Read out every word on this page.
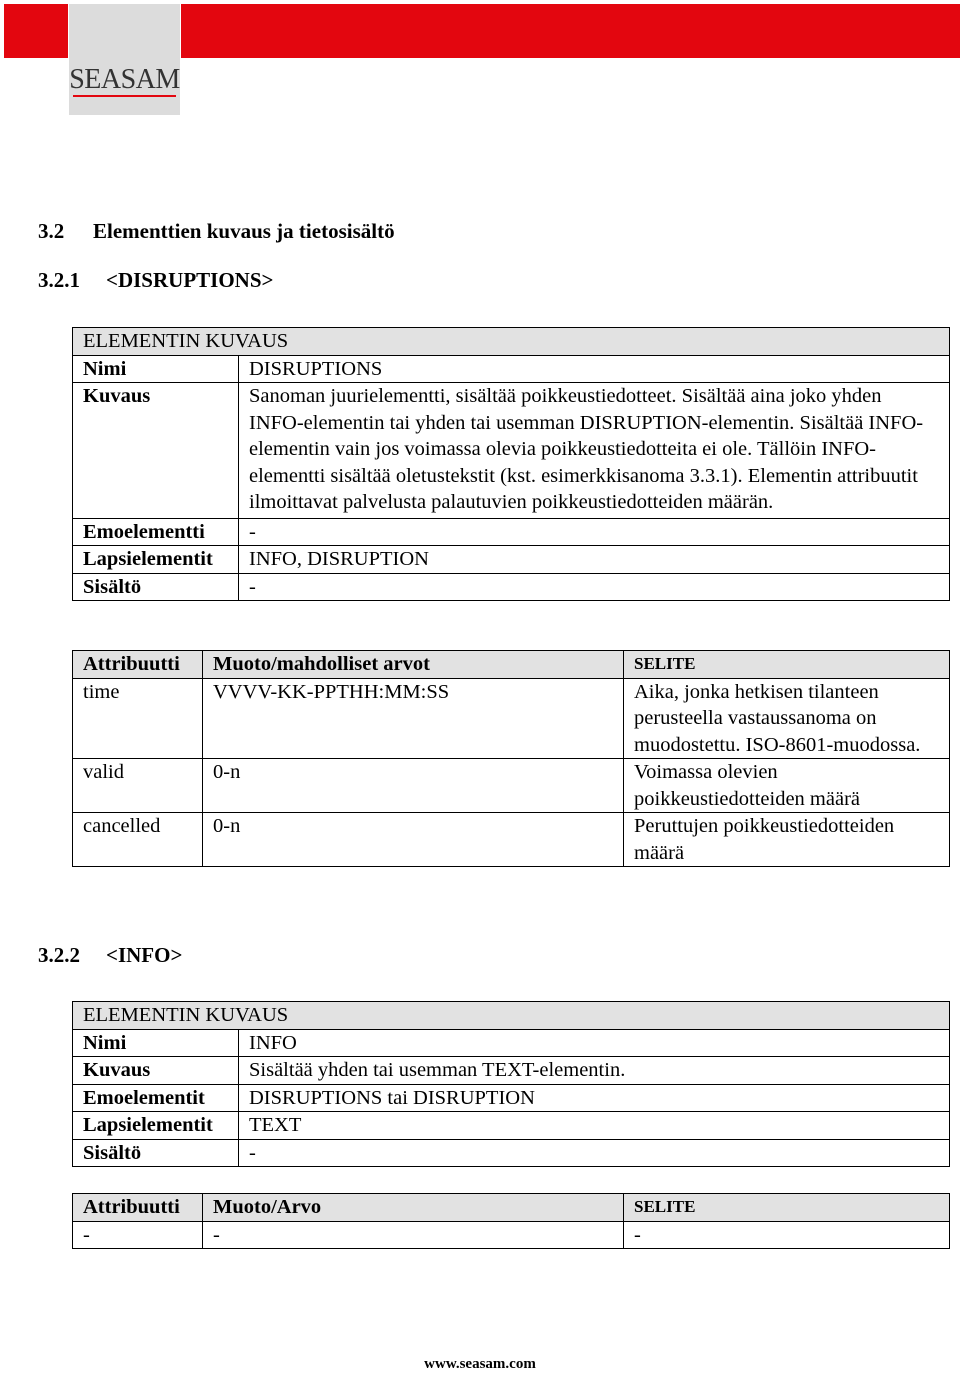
SEASAM
3.2 Elementtien kuvaus ja tietosisältö
3.2.1 <DISRUPTIONS>
ELEMENTIN KUVAUS	
Nimi	DISRUPTIONS
Kuvaus	Sanoman juurielementti, sisältää poikkeustiedotteet. Sisältää aina joko yhden INFO-elementin tai yhden tai usemman DISRUPTION-elementin. Sisältää INFO-elementin vain jos voimassa olevia poikkeustiedotteita ei ole. Tällöin INFO-elementti sisältää oletustekstit (kst. esimerkkisanoma 3.3.1). Elementin attribuutit ilmoittavat palvelusta palautuvien poikkeustiedotteiden määrän.
Emoelementti	-
Lapsielementit	INFO, DISRUPTION
Sisältö	-
Attribuutti	Muoto/mahdolliset arvot	SELITE
time	VVVV-KK-PPTHH:MM:SS	Aika, jonka hetkisen tilanteen perusteella vastaussanoma on muodostettu. ISO-8601-muodossa.
valid	0-n	Voimassa olevien poikkeustiedotteiden määrä
cancelled	0-n	Peruttujen poikkeustiedotteiden määrä
3.2.2 <INFO>
ELEMENTIN KUVAUS	
Nimi	INFO
Kuvaus	Sisältää yhden tai usemman TEXT-elementin.
Emoelementit	DISRUPTIONS tai DISRUPTION
Lapsielementit	TEXT
Sisältö	-
Attribuutti	Muoto/Arvo	SELITE
-	-	-
www.seasam.com
